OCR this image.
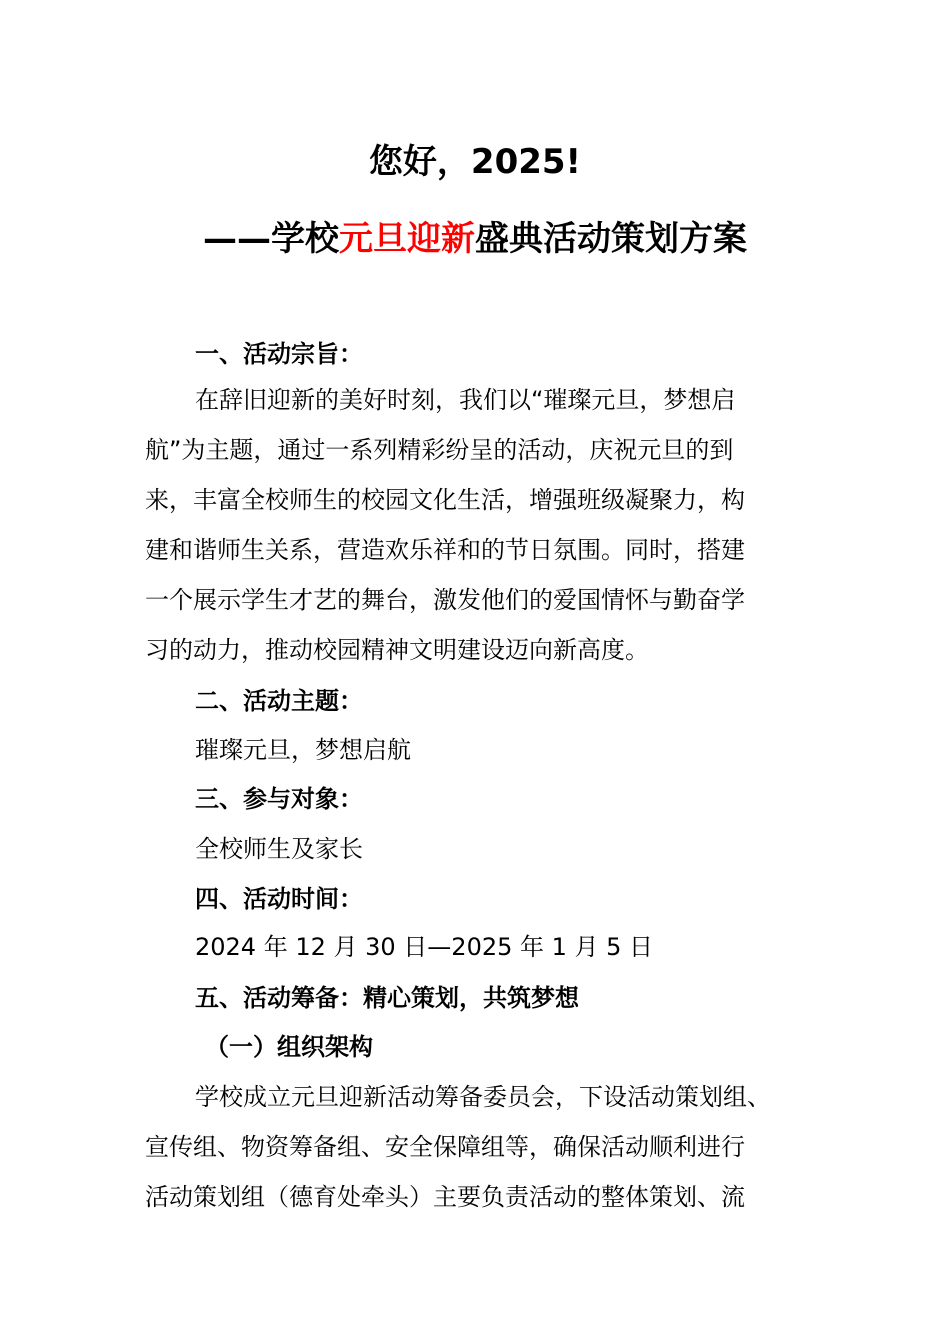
您好，2025!
——学校元旦迎新盛典活动策划方案
一、活动宗旨：
在辞旧迎新的美好时刻，我们以“璀璨元旦，梦想启
航”为主题，通过一系列精彩纷呈的活动，庆祝元旦的到
来，丰富全校师生的校园文化生活，增强班级凝聚力，构
建和谐师生关系，营造欢乐祥和的节日氛围。同时，搭建
一个展示学生才艺的舞台，激发他们的爱国情怀与勤奋学
习的动力，推动校园精神文明建设迈向新高度。
二、活动主题：
璀璨元旦，梦想启航
三、参与对象：
全校师生及家长
四、活动时间：
2024 年 12 月 30 日—2025 年 1 月 5 日
五、活动筹备：精心策划，共筑梦想
（一）组织架构
学校成立元旦迎新活动筹备委员会，下设活动策划组、
宣传组、物资筹备组、安全保障组等，确保活动顺利进行
活动策划组（德育处牵头）主要负责活动的整体策划、流
